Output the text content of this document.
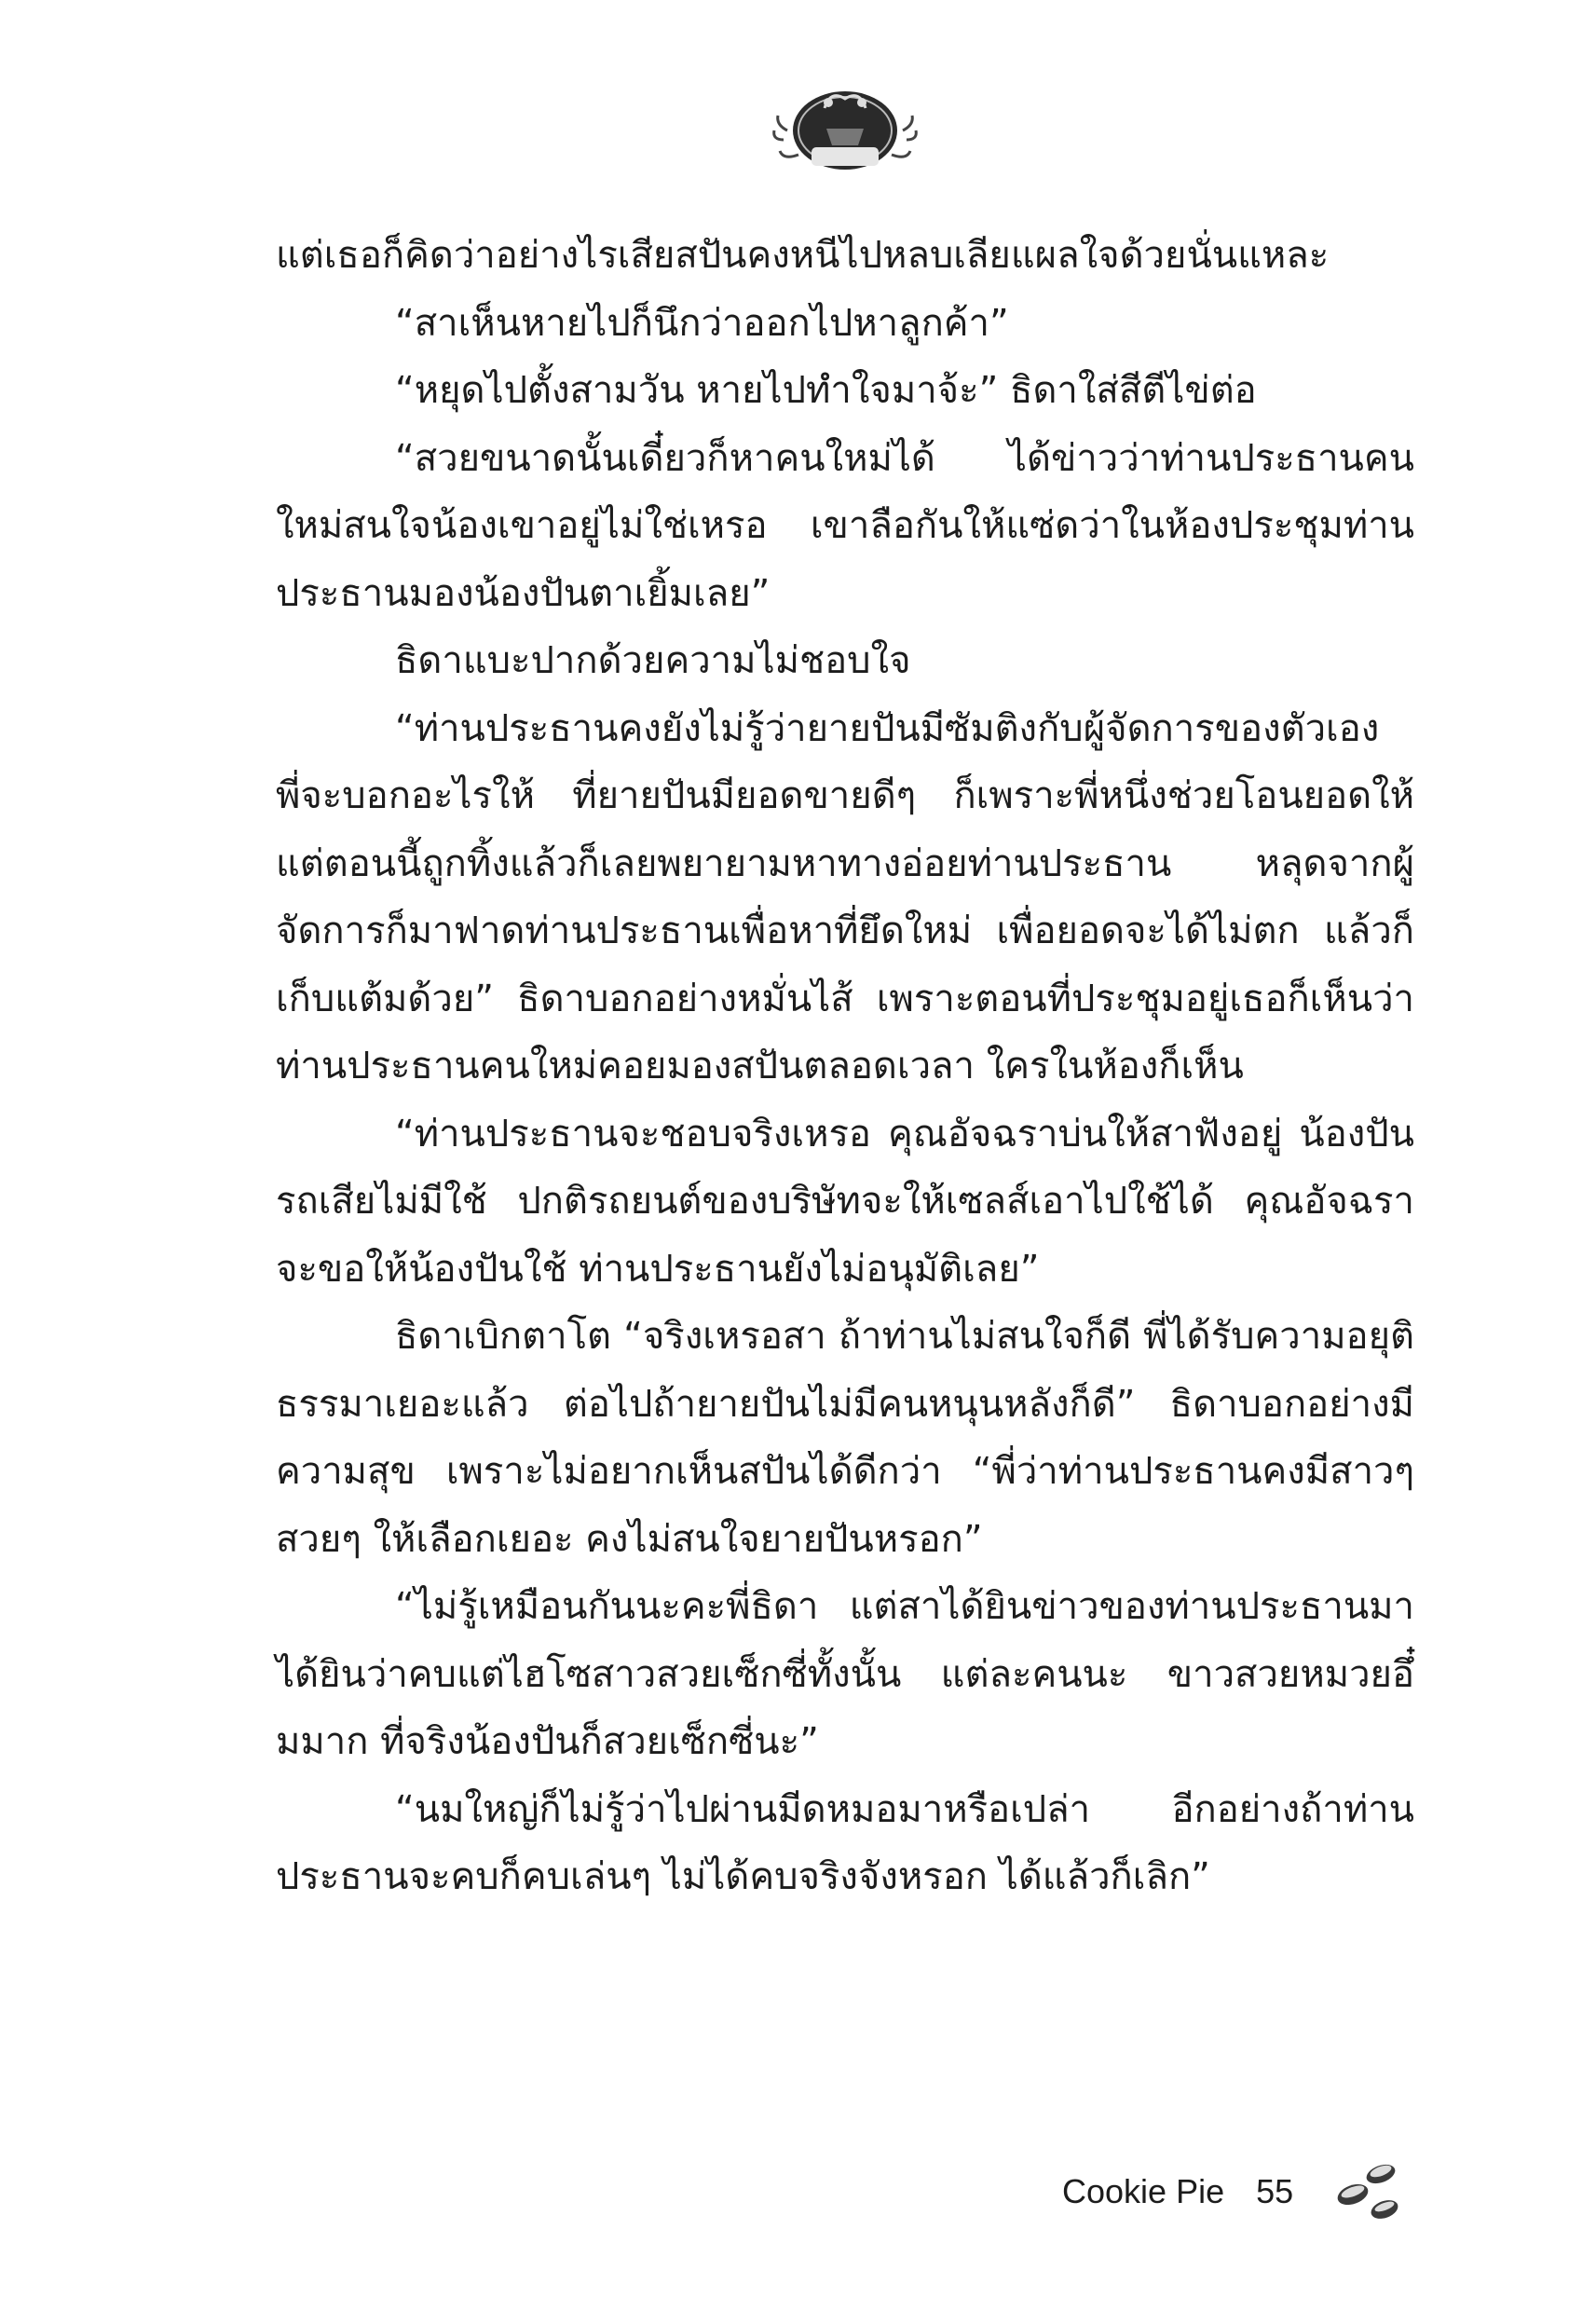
แต่เธอก็คิดว่าอย่างไรเสียสปันคงหนีไปหลบเลียแผลใจด้วยนั่นแหละ

“สาเห็นหายไปก็นึกว่าออกไปหาลูกค้า”

“หยุดไปตั้งสามวัน หายไปทำใจมาจ้ะ” ธิดาใส่สีตีไข่ต่อ

“สวยขนาดนั้นเดี๋ยวก็หาคนใหม่ได้ ได้ข่าวว่าท่านประธานคนใหม่สนใจน้องเขาอยู่ไม่ใช่เหรอ เขาลือกันให้แซ่ดว่าในห้องประชุมท่านประธานมองน้องปันตาเยิ้มเลย”

ธิดาแบะปากด้วยความไม่ชอบใจ

“ท่านประธานคงยังไม่รู้ว่ายายปันมีซัมติงกับผู้จัดการของตัวเอง พี่จะบอกอะไรให้ ที่ยายปันมียอดขายดีๆ ก็เพราะพี่หนึ่งช่วยโอนยอดให้ แต่ตอนนี้ถูกทิ้งแล้วก็เลยพยายามหาทางอ่อยท่านประธาน หลุดจากผู้จัดการก็มาฟาดท่านประธานเพื่อหาที่ยึดใหม่ เพื่อยอดจะได้ไม่ตก แล้วก็เก็บแต้มด้วย” ธิดาบอกอย่างหมั่นไส้ เพราะตอนที่ประชุมอยู่เธอก็เห็นว่าท่านประธานคนใหม่คอยมองสปันตลอดเวลา ใครในห้องก็เห็น

“ท่านประธานจะชอบจริงเหรอ คุณอัจฉราบ่นให้สาฟังอยู่ น้องปันรถเสียไม่มีใช้ ปกติรถยนต์ของบริษัทจะให้เซลส์เอาไปใช้ได้ คุณอัจฉราจะขอให้น้องปันใช้ ท่านประธานยังไม่อนุมัติเลย”

ธิดาเบิกตาโต “จริงเหรอสา ถ้าท่านไม่สนใจก็ดี พี่ได้รับความอยุติธรรมาเยอะแล้ว ต่อไปถ้ายายปันไม่มีคนหนุนหลังก็ดี” ธิดาบอกอย่างมีความสุข เพราะไม่อยากเห็นสปันได้ดีกว่า “พี่ว่าท่านประธานคงมีสาวๆ สวยๆ ให้เลือกเยอะ คงไม่สนใจยายปันหรอก”

“ไม่รู้เหมือนกันนะคะพี่ธิดา แต่สาได้ยินข่าวของท่านประธานมาได้ยินว่าคบแต่ไฮโซสาวสวยเซ็กซี่ทั้งนั้น แต่ละคนนะ ขาวสวยหมวยอึ๋มมาก ที่จริงน้องปันก็สวยเซ็กซี่นะ”

“นมใหญ่ก็ไม่รู้ว่าไปผ่านมีดหมอมาหรือเปล่า อีกอย่างถ้าท่านประธานจะคบก็คบเล่นๆ ไม่ได้คบจริงจังหรอก ได้แล้วก็เลิก”

Cookie Pie 55
